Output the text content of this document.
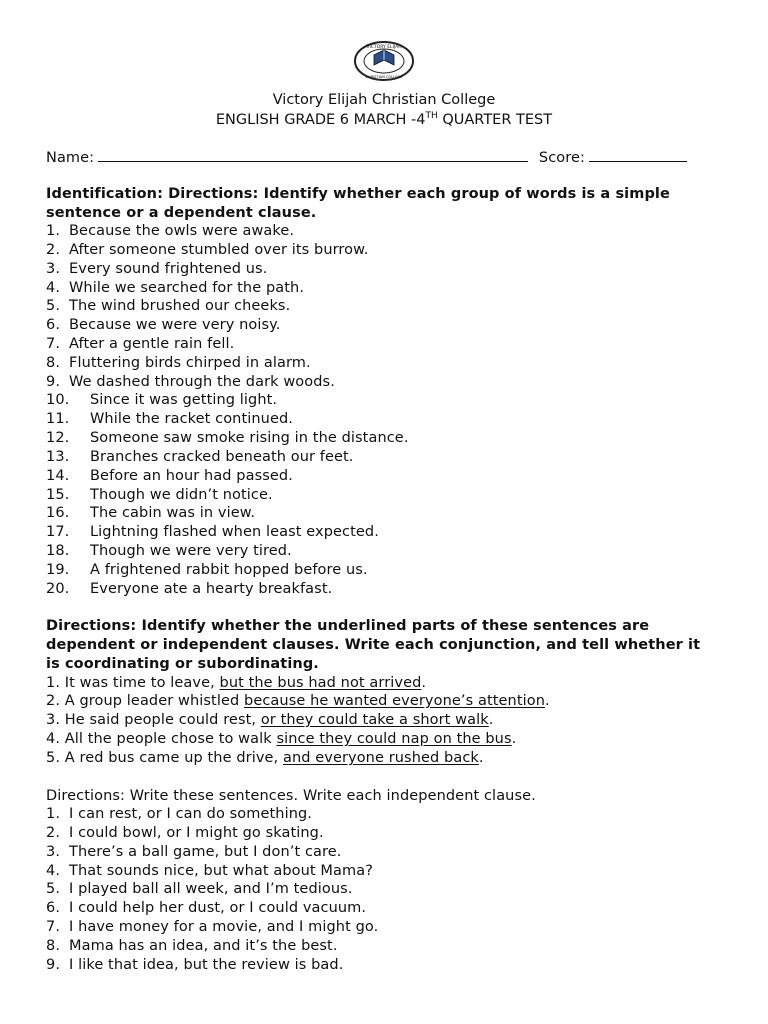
VICTORY ELIJAH
CHRISTIAN COLLEGE
Victory Elijah Christian College
ENGLISH GRADE 6 MARCH -4TH QUARTER TEST
Name:	Score:
Identification: Directions: Identify whether each group of words is a simple
sentence or a dependent clause.
1. Because the owls were awake.
2. After someone stumbled over its burrow.
3. Every sound frightened us.
4. While we searched for the path.
5. The wind brushed our cheeks.
6. Because we were very noisy.
7. After a gentle rain fell.
8. Fluttering birds chirped in alarm.
9. We dashed through the dark woods.
10. Since it was getting light.
11. While the racket continued.
12. Someone saw smoke rising in the distance.
13. Branches cracked beneath our feet.
14. Before an hour had passed.
15. Though we didn’t notice.
16. The cabin was in view.
17. Lightning flashed when least expected.
18. Though we were very tired.
19. A frightened rabbit hopped before us.
20. Everyone ate a hearty breakfast.
Directions: Identify whether the underlined parts of these sentences are
dependent or independent clauses. Write each conjunction, and tell whether it
is coordinating or subordinating.
1. It was time to leave, but the bus had not arrived.
2. A group leader whistled because he wanted everyone’s attention.
3. He said people could rest, or they could take a short walk.
4. All the people chose to walk since they could nap on the bus.
5. A red bus came up the drive, and everyone rushed back.
Directions: Write these sentences. Write each independent clause.
1. I can rest, or I can do something.
2. I could bowl, or I might go skating.
3. There’s a ball game, but I don’t care.
4. That sounds nice, but what about Mama?
5. I played ball all week, and I’m tedious.
6. I could help her dust, or I could vacuum.
7. I have money for a movie, and I might go.
8. Mama has an idea, and it’s the best.
9. I like that idea, but the review is bad.
